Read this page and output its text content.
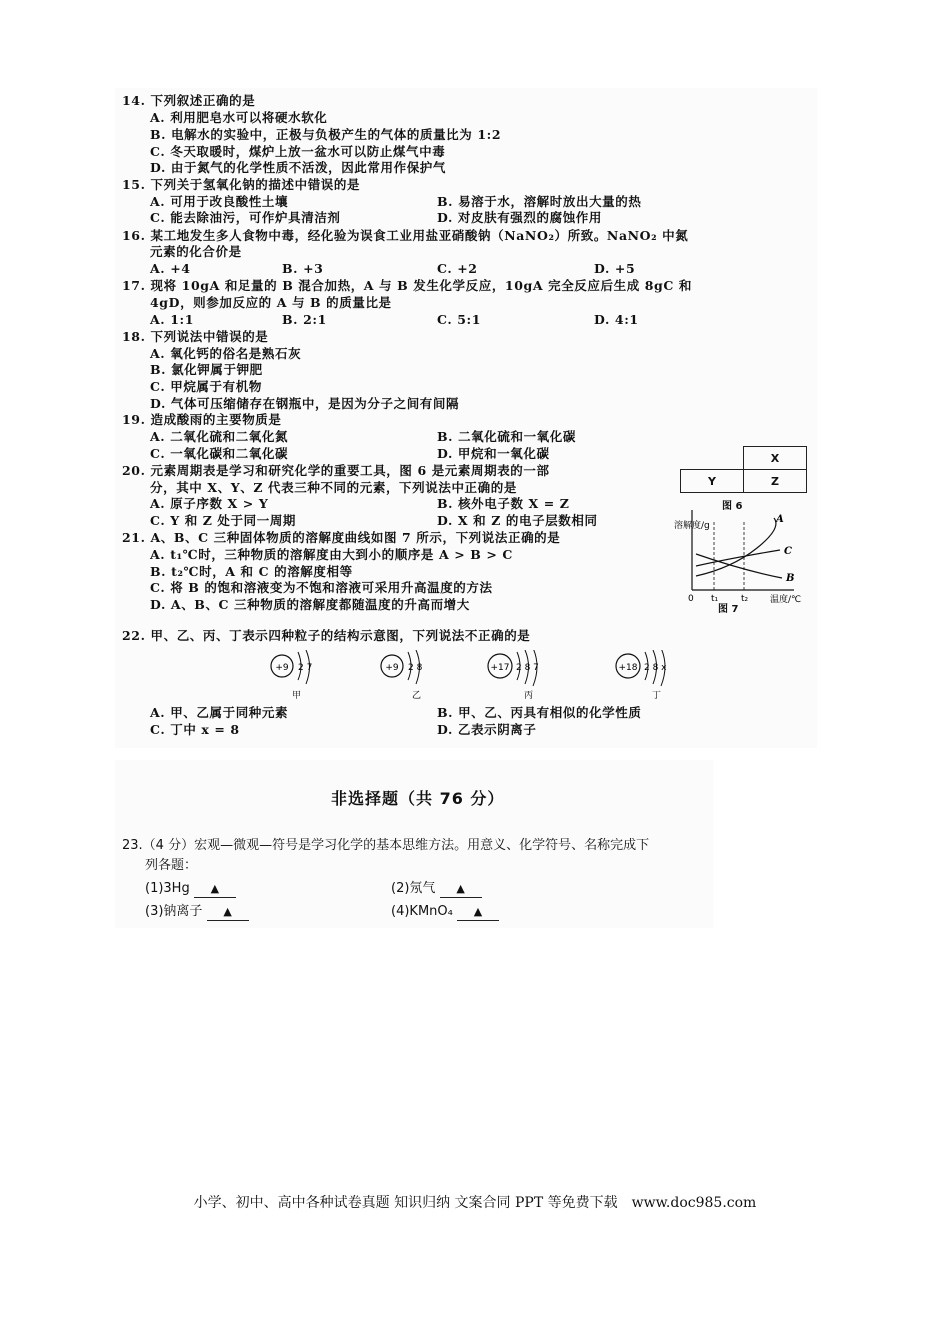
14. 下列叙述正确的是
A. 利用肥皂水可以将硬水软化
B. 电解水的实验中，正极与负极产生的气体的质量比为 1:2
C. 冬天取暖时，煤炉上放一盆水可以防止煤气中毒
D. 由于氮气的化学性质不活泼，因此常用作保护气
15. 下列关于氢氧化钠的描述中错误的是
A. 可用于改良酸性土壤	B. 易溶于水，溶解时放出大量的热
C. 能去除油污，可作炉具清洁剂	D. 对皮肤有强烈的腐蚀作用
16. 某工地发生多人食物中毒，经化验为误食工业用盐亚硝酸钠（NaNO₂）所致。NaNO₂ 中氮
元素的化合价是
A. +4	B. +3	C. +2	D. +5
17. 现将 10gA 和足量的 B 混合加热，A 与 B 发生化学反应，10gA 完全反应后生成 8gC 和
4gD，则参加反应的 A 与 B 的质量比是
A. 1:1	B. 2:1	C. 5:1	D. 4:1
18. 下列说法中错误的是
A. 氧化钙的俗名是熟石灰
B. 氯化钾属于钾肥
C. 甲烷属于有机物
D. 气体可压缩储存在钢瓶中，是因为分子之间有间隔
19. 造成酸雨的主要物质是
A. 二氧化硫和二氧化氮	B. 二氧化硫和一氧化碳
C. 一氧化碳和二氧化碳	D. 甲烷和一氧化碳
20. 元素周期表是学习和研究化学的重要工具，图 6 是元素周期表的一部
分，其中 X、Y、Z 代表三种不同的元素，下列说法中正确的是
A. 原子序数 X > Y	B. 核外电子数 X = Z
C. Y 和 Z 处于同一周期	D. X 和 Z 的电子层数相同
	X
Y	Z
图 6
21. A、B、C 三种固体物质的溶解度曲线如图 7 所示，下列说法正确的是
A. t₁℃时，三种物质的溶解度由大到小的顺序是 A > B > C
B. t₂℃时，A 和 C 的溶解度相等
C. 将 B 的饱和溶液变为不饱和溶液可采用升高温度的方法
D. A、B、C 三种物质的溶解度都随温度的升高而增大
溶解度/g
温度/℃
0 t₁	t₂
A
C
B
图 7
22. 甲、乙、丙、丁表示四种粒子的结构示意图，下列说法不正确的是
+9 2 7
甲
+9 2 8
乙
+17 2 8 7
丙
+18 2 8 x
丁
A. 甲、乙属于同种元素	B. 甲、乙、丙具有相似的化学性质
C. 丁中 x = 8	D. 乙表示阴离子
非选择题（共 76 分）
23.（4 分）宏观—微观—符号是学习化学的基本思维方法。用意义、化学符号、名称完成下
列各题：
(1)3Hg ▲	(2)氖气 ▲
(3)钠离子 ▲	(4)KMnO₄ ▲
小学、初中、高中各种试卷真题 知识归纳 文案合同 PPT 等免费下载　www.doc985.com
